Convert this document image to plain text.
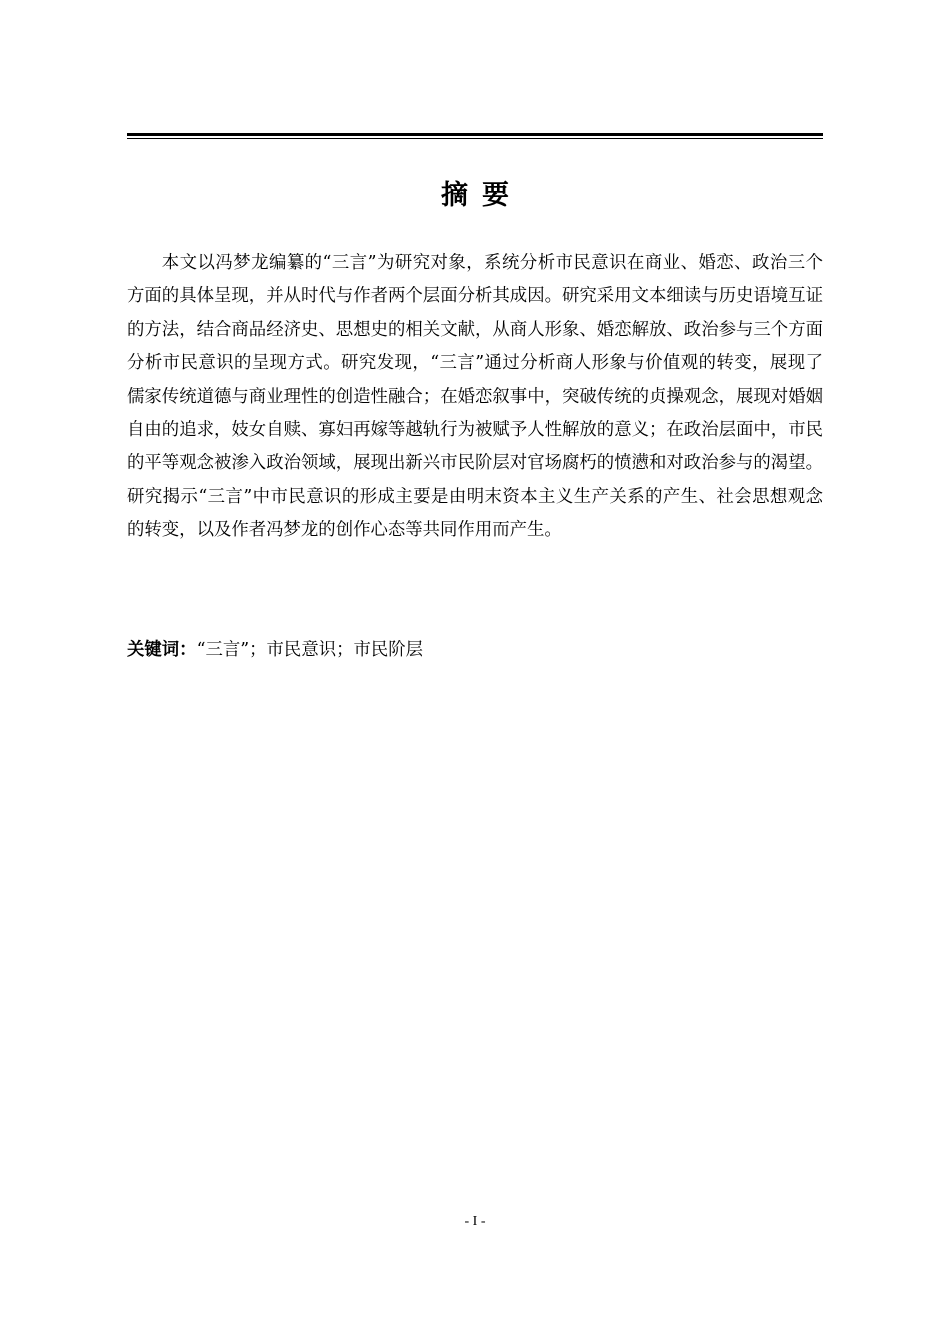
摘要

本文以冯梦龙编纂的“三言”为研究对象，系统分析市民意识在商业、婚恋、政治三个方面的具体呈现，并从时代与作者两个层面分析其成因。研究采用文本细读与历史语境互证的方法，结合商品经济史、思想史的相关文献，从商人形象、婚恋解放、政治参与三个方面分析市民意识的呈现方式。研究发现，“三言”通过分析商人形象与价值观的转变，展现了儒家传统道德与商业理性的创造性融合；在婚恋叙事中，突破传统的贞操观念，展现对婚姻自由的追求，妓女自赎、寡妇再嫁等越轨行为被赋予人性解放的意义；在政治层面中，市民的平等观念被渗入政治领域，展现出新兴市民阶层对官场腐朽的愤懑和对政治参与的渴望。研究揭示“三言”中市民意识的形成主要是由明末资本主义生产关系的产生、社会思想观念的转变，以及作者冯梦龙的创作心态等共同作用而产生。

关键词：“三言”；市民意识；市民阶层
- I -
